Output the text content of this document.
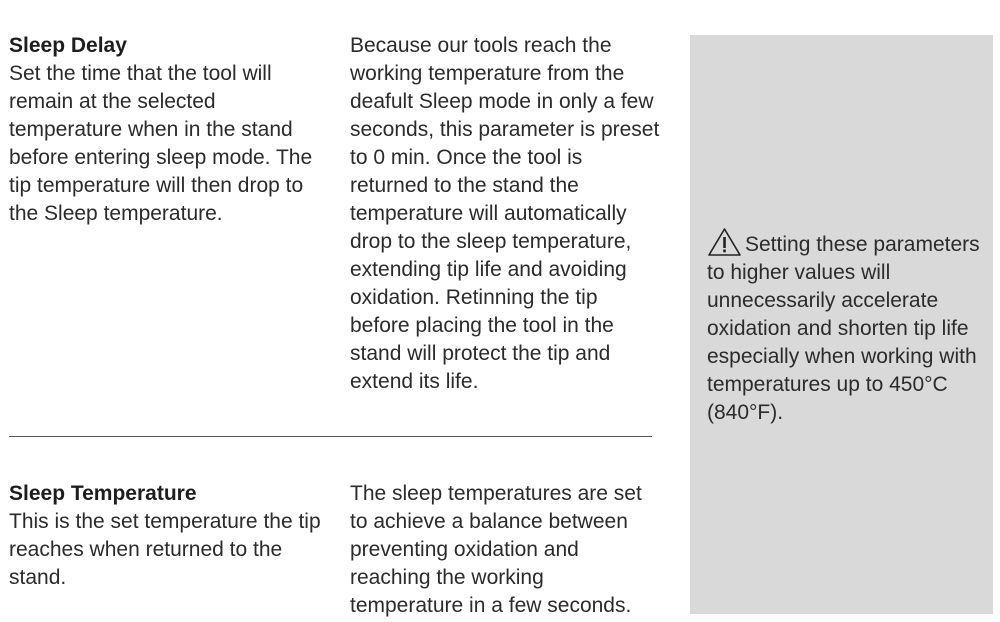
Sleep Delay
Set the time that the tool will remain at the selected temperature when in the stand before entering sleep mode. The tip temperature will then drop to the Sleep temperature.
Because our tools reach the working temperature from the deafult Sleep mode in only a few seconds, this parameter is preset to 0 min. Once the tool is returned to the stand the temperature will automatically drop to the sleep temperature, extending tip life and avoiding oxidation. Retinning the tip before placing the tool in the stand will protect the tip and extend its life.
Sleep Temperature
This is the set temperature the tip reaches when returned to the stand.
The sleep temperatures are set to achieve a balance between preventing oxidation and reaching the working temperature in a few seconds.

Setting these parameters to higher values will unnecessarily accelerate oxidation and shorten tip life especially when working with temperatures up to 450°C (840°F).
